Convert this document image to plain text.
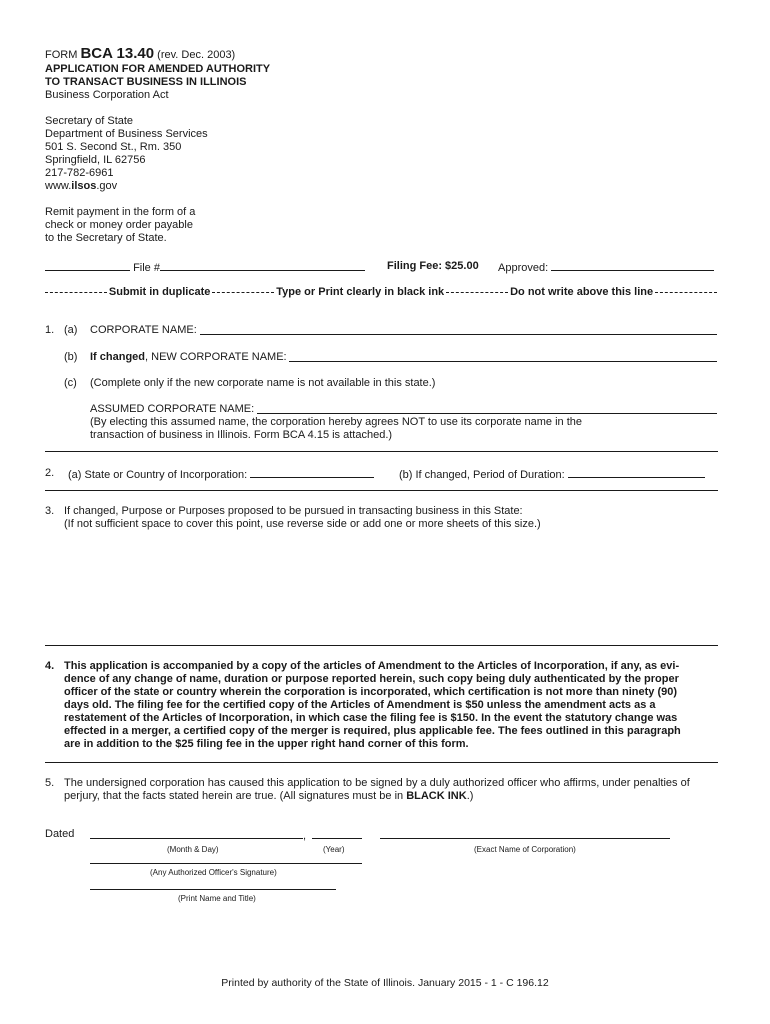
FORM BCA 13.40 (rev. Dec. 2003)
APPLICATION FOR AMENDED AUTHORITY
TO TRANSACT BUSINESS IN ILLINOIS
Business Corporation Act
Secretary of State
Department of Business Services
501 S. Second St., Rm. 350
Springfield, IL 62756
217-782-6961
www.ilsos.gov
Remit payment in the form of a
check or money order payable
to the Secretary of State.
File #	Filing Fee: $25.00 Approved:
Submit in duplicate	Type or Print clearly in black ink	Do not write above this line
1. (a) CORPORATE NAME:
(b) If changed , NEW CORPORATE NAME:
(c) (Complete only if the new corporate name is not available in this state.)
ASSUMED CORPORATE NAME:
(By electing this assumed name, the corporation hereby agrees NOT to use its corporate name in the
transaction of business in Illinois. Form BCA 4.15 is attached.)
2. (a) State or Country of Incorporation:	(b) If changed, Period of Duration:
3. If changed, Purpose or Purposes proposed to be pursued in transacting business in this State:
(If not sufficient space to cover this point, use reverse side or add one or more sheets of this size.)
4. This application is accompanied by a copy of the articles of Amendment to the Articles of Incorporation, if any, as evi-
dence of any change of name, duration or purpose reported herein, such copy being duly authenticated by the proper
officer of the state or country wherein the corporation is incorporated, which certification is not more than ninety (90)
days old. The filing fee for the certified copy of the Articles of Amendment is $50 unless the amendment acts as a
restatement of the Articles of Incorporation, in which case the filing fee is $150. In the event the statutory change was
effected in a merger, a certified copy of the merger is required, plus applicable fee. The fees outlined in this paragraph
are in addition to the $25 filing fee in the upper right hand corner of this form.
5. The undersigned corporation has caused this application to be signed by a duly authorized officer who affirms, under penalties of
perjury, that the facts stated herein are true. (All signatures must be in BLACK INK.)
Dated	,
(Month & Day)	(Year)	(Exact Name of Corporation)
(Any Authorized Officer's Signature)
(Print Name and Title)
Printed by authority of the State of Illinois. January 2015 - 1 - C 196.12
